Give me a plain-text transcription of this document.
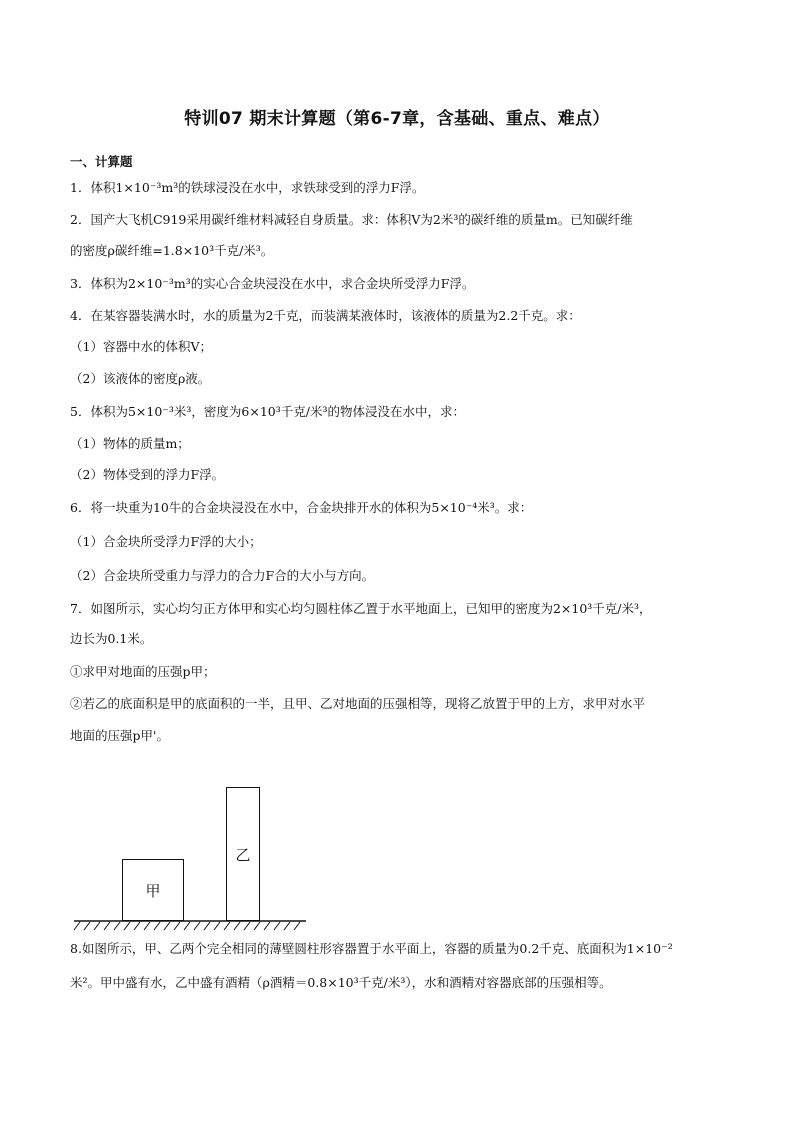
特训07 期末计算题（第6-7章，含基础、重点、难点）
一、计算题
1．体积1×10⁻³m³的铁球浸没在水中，求铁球受到的浮力F浮。
2．国产大飞机C919采用碳纤维材料减轻自身质量。求：体积V为2米³的碳纤维的质量m。已知碳纤维
的密度ρ碳纤维=1.8×10³千克/米³。
3．体积为2×10⁻³m³的实心合金块浸没在水中，求合金块所受浮力F浮。
4．在某容器装满水时，水的质量为2千克，而装满某液体时，该液体的质量为2.2千克。求：
（1）容器中水的体积V；
（2）该液体的密度ρ液。
5．体积为5×10⁻³米³，密度为6×10³千克/米³的物体浸没在水中，求：
（1）物体的质量m；
（2）物体受到的浮力F浮。
6．将一块重为10牛的合金块浸没在水中，合金块排开水的体积为5×10⁻⁴米³。求：
（1）合金块所受浮力F浮的大小；
（2）合金块所受重力与浮力的合力F合的大小与方向。
7．如图所示，实心均匀正方体甲和实心均匀圆柱体乙置于水平地面上，已知甲的密度为2×10³千克/米³，
边长为0.1米。
①求甲对地面的压强p甲；
②若乙的底面积是甲的底面积的一半，且甲、乙对地面的压强相等，现将乙放置于甲的上方，求甲对水平
地面的压强p甲'。
甲
乙
8.如图所示，甲、乙两个完全相同的薄壁圆柱形容器置于水平面上，容器的质量为0.2千克、底面积为1×10⁻²
米²。甲中盛有水，乙中盛有酒精（ρ酒精＝0.8×10³千克/米³），水和酒精对容器底部的压强相等。
